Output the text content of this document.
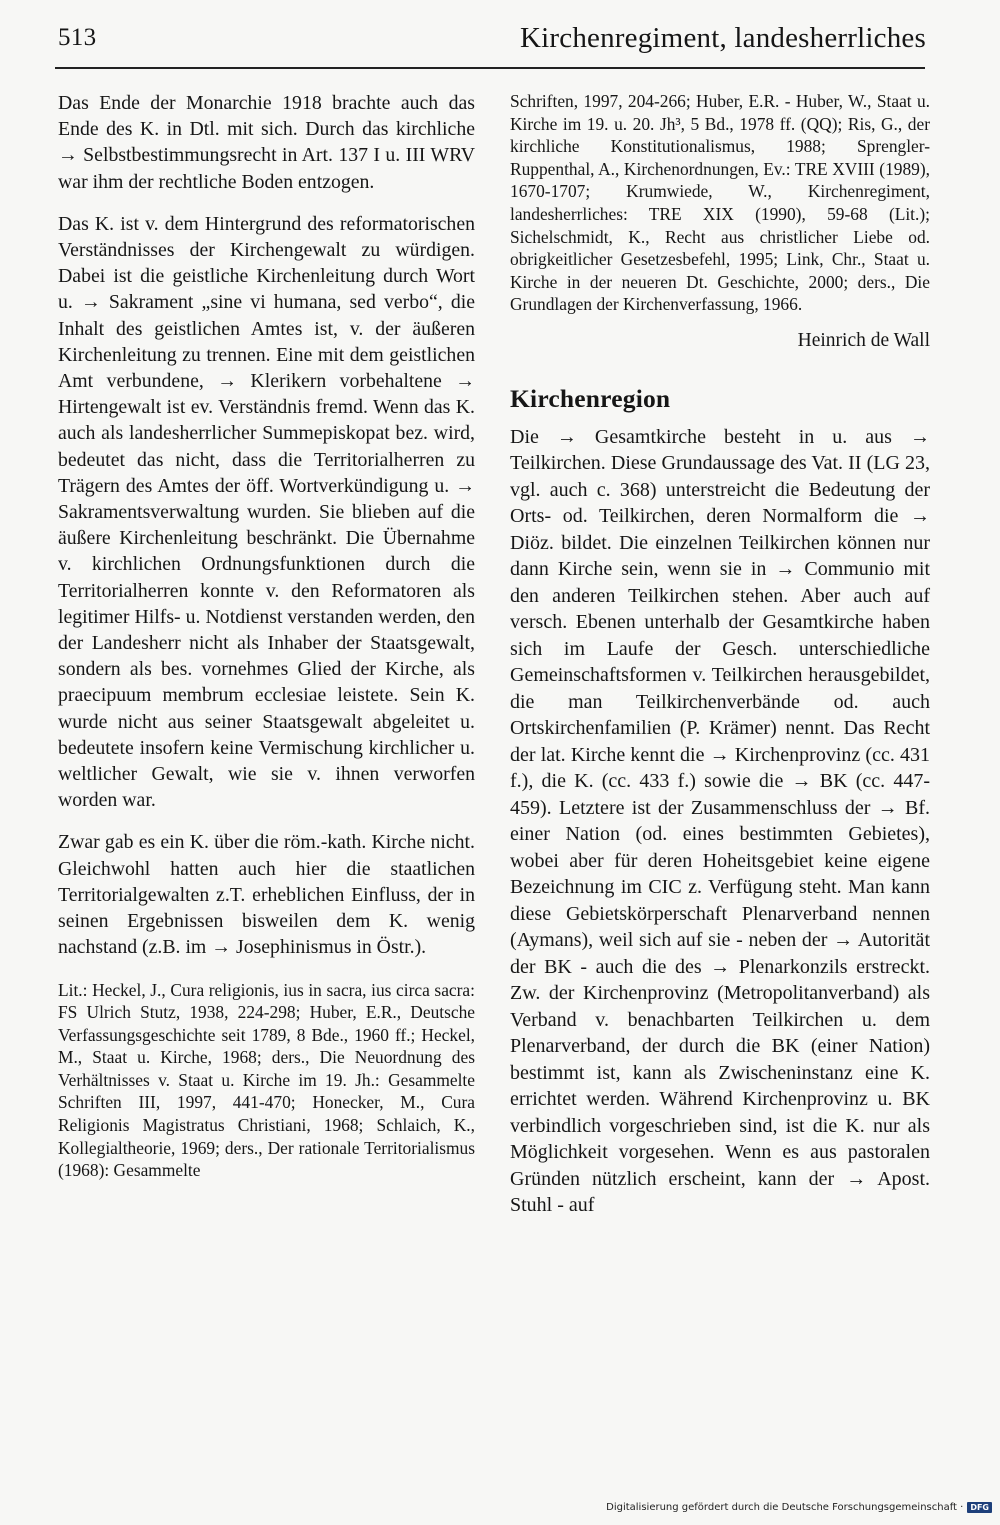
513	Kirchenregiment, landesherrliches

Das Ende der Monarchie 1918 brachte auch das Ende des K. in Dtl. mit sich. Durch das kirchliche → Selbstbestimmungsrecht in Art. 137 I u. III WRV war ihm der rechtliche Boden entzogen.

Das K. ist v. dem Hintergrund des reformatorischen Verständnisses der Kirchengewalt zu würdigen. Dabei ist die geistliche Kirchenleitung durch Wort u. → Sakrament „sine vi humana, sed verbo“, die Inhalt des geistlichen Amtes ist, v. der äußeren Kirchenleitung zu trennen. Eine mit dem geistlichen Amt verbundene, → Klerikern vorbehaltene → Hirtengewalt ist ev. Verständnis fremd. Wenn das K. auch als landesherrlicher Summepiskopat bez. wird, bedeutet das nicht, dass die Territorialherren zu Trägern des Amtes der öff. Wortverkündigung u. → Sakramentsverwaltung wurden. Sie blieben auf die äußere Kirchenleitung beschränkt. Die Übernahme v. kirchlichen Ordnungsfunktionen durch die Territorialherren konnte v. den Reformatoren als legitimer Hilfs- u. Notdienst verstanden werden, den der Landesherr nicht als Inhaber der Staatsgewalt, sondern als bes. vornehmes Glied der Kirche, als praecipuum membrum ecclesiae leistete. Sein K. wurde nicht aus seiner Staatsgewalt abgeleitet u. bedeutete insofern keine Vermischung kirchlicher u. weltlicher Gewalt, wie sie v. ihnen verworfen worden war.

Zwar gab es ein K. über die röm.-kath. Kirche nicht. Gleichwohl hatten auch hier die staatlichen Territorialgewalten z.T. erheblichen Einfluss, der in seinen Ergebnissen bisweilen dem K. wenig nachstand (z.B. im → Josephinismus in Östr.).

Lit.: Heckel, J., Cura religionis, ius in sacra, ius circa sacra: FS Ulrich Stutz, 1938, 224-298; Huber, E.R., Deutsche Verfassungsgeschichte seit 1789, 8 Bde., 1960 ff.; Heckel, M., Staat u. Kirche, 1968; ders., Die Neuordnung des Verhältnisses v. Staat u. Kirche im 19. Jh.: Gesammelte Schriften III, 1997, 441-470; Honecker, M., Cura Religionis Magistratus Christiani, 1968; Schlaich, K., Kollegialtheorie, 1969; ders., Der rationale Territorialismus (1968): Gesammelte

Schriften, 1997, 204-266; Huber, E.R. - Huber, W., Staat u. Kirche im 19. u. 20. Jh³, 5 Bd., 1978 ff. (QQ); Ris, G., der kirchliche Konstitutionalismus, 1988; Sprengler-Ruppenthal, A., Kirchenordnungen, Ev.: TRE XVIII (1989), 1670-1707; Krumwiede, W., Kirchenregiment, landesherrliches: TRE XIX (1990), 59-68 (Lit.); Sichelschmidt, K., Recht aus christlicher Liebe od. obrigkeitlicher Gesetzesbefehl, 1995; Link, Chr., Staat u. Kirche in der neueren Dt. Geschichte, 2000; ders., Die Grundlagen der Kirchenverfassung, 1966.

Heinrich de Wall

Kirchenregion

Die → Gesamtkirche besteht in u. aus → Teilkirchen. Diese Grundaussage des Vat. II (LG 23, vgl. auch c. 368) unterstreicht die Bedeutung der Orts- od. Teilkirchen, deren Normalform die → Diöz. bildet. Die einzelnen Teilkirchen können nur dann Kirche sein, wenn sie in → Communio mit den anderen Teilkirchen stehen. Aber auch auf versch. Ebenen unterhalb der Gesamtkirche haben sich im Laufe der Gesch. unterschiedliche Gemeinschaftsformen v. Teilkirchen herausgebildet, die man Teilkirchenverbände od. auch Ortskirchenfamilien (P. Krämer) nennt. Das Recht der lat. Kirche kennt die → Kirchenprovinz (cc. 431 f.), die K. (cc. 433 f.) sowie die → BK (cc. 447-459). Letztere ist der Zusammenschluss der → Bf. einer Nation (od. eines bestimmten Gebietes), wobei aber für deren Hoheitsgebiet keine eigene Bezeichnung im CIC z. Verfügung steht. Man kann diese Gebietskörperschaft Plenarverband nennen (Aymans), weil sich auf sie - neben der → Autorität der BK - auch die des → Plenarkonzils erstreckt. Zw. der Kirchenprovinz (Metropolitanverband) als Verband v. benachbarten Teilkirchen u. dem Plenarverband, der durch die BK (einer Nation) bestimmt ist, kann als Zwischeninstanz eine K. errichtet werden. Während Kirchenprovinz u. BK verbindlich vorgeschrieben sind, ist die K. nur als Möglichkeit vorgesehen. Wenn es aus pastoralen Gründen nützlich erscheint, kann der → Apost. Stuhl - auf

Digitalisierung gefördert durch die Deutsche Forschungsgemeinschaft · DFG
